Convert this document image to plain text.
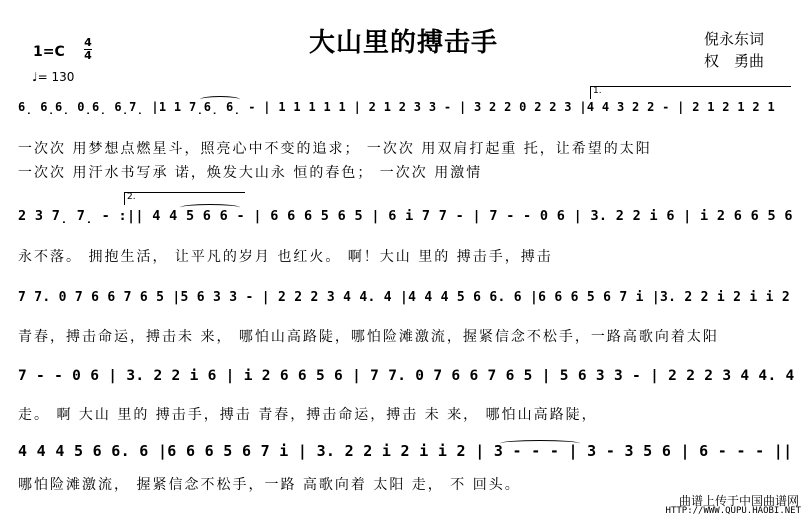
大山里的搏击手	倪永东词
权　勇曲
1=C
4
4
♩= 130
1.
2.
6̣ 6̣6̣ 0̣6̣ 6̣7̣ |1 1 7̣6̣ 6̣ - | 1 1 1 1 1 | 2 1 2 3 3 - | 3 2 2 0 2 2 3 |4 4 3 2 2 - | 2 1 2 1 2 1
一次次 用梦想点燃星斗，照亮心中不变的追求； 一次次 用双肩打起重 托，让希望的太阳
一次次 用汗水书写承 诺，焕发大山永 恒的春色； 一次次 用激情
2 3 7̣ 7̣ - :|| 4 4 5 6 6 - | 6 6 6 5 6 5 | 6 i 7 7 - | 7 - - 0 6 | 3. 2 2 i 6 | i 2 6 6 5 6
永不落。 拥抱生活， 让平凡的岁月 也红火。 啊！大山 里的 搏击手，搏击
7 7. 0 7 6 6 7 6 5 |5 6 3 3 - | 2 2 2 3 4 4. 4 |4 4 4 5 6 6. 6 |6 6 6 5 6 7 i |3. 2 2 i 2 i i 2
青春，搏击命运，搏击未 来， 哪怕山高路陡，哪怕险滩激流，握紧信念不松手，一路高歌向着太阳
7 - - 0 6 | 3. 2 2 i 6 | i 2 6 6 5 6 | 7 7. 0 7 6 6 7 6 5 | 5 6 3 3 - | 2 2 2 3 4 4. 4
走。 啊 大山 里的 搏击手，搏击 青春，搏击命运，搏击 未 来， 哪怕山高路陡，
4 4 4 5 6 6. 6 |6 6 6 5 6 7 i | 3. 2 2 i 2 i i 2 | 3 - - - | 3 - 3 5 6 | 6 - - - ||
哪怕险滩激流， 握紧信念不松手，一路 高歌向着 太阳 走， 不 回头。
曲谱上传于中国曲谱网
HTTP://WWW.QUPU.HAOBI.NET
